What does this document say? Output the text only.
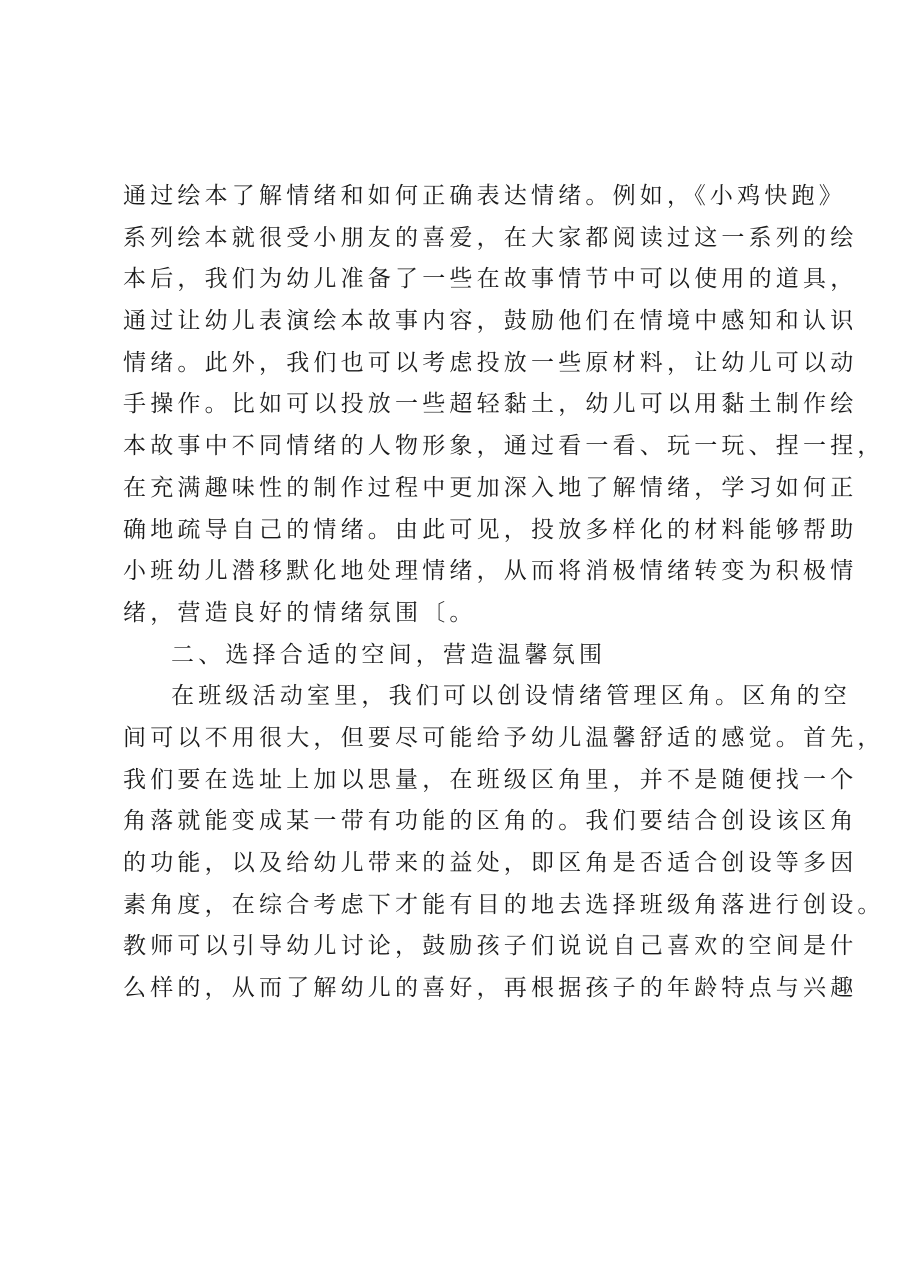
通过绘本了解情绪和如何正确表达情绪。例如，《小鸡快跑》
系列绘本就很受小朋友的喜爱，在大家都阅读过这一系列的绘
本后，我们为幼儿准备了一些在故事情节中可以使用的道具，
通过让幼儿表演绘本故事内容，鼓励他们在情境中感知和认识
情绪。此外，我们也可以考虑投放一些原材料，让幼儿可以动
手操作。比如可以投放一些超轻黏土，幼儿可以用黏土制作绘
本故事中不同情绪的人物形象，通过看一看、玩一玩、捏一捏，
在充满趣味性的制作过程中更加深入地了解情绪，学习如何正
确地疏导自己的情绪。由此可见，投放多样化的材料能够帮助
小班幼儿潜移默化地处理情绪，从而将消极情绪转变为积极情
绪，营造良好的情绪氛围〔。
二、选择合适的空间，营造温馨氛围
在班级活动室里，我们可以创设情绪管理区角。区角的空
间可以不用很大，但要尽可能给予幼儿温馨舒适的感觉。首先，
我们要在选址上加以思量，在班级区角里，并不是随便找一个
角落就能变成某一带有功能的区角的。我们要结合创设该区角
的功能，以及给幼儿带来的益处，即区角是否适合创设等多因
素角度，在综合考虑下才能有目的地去选择班级角落进行创设。
教师可以引导幼儿讨论，鼓励孩子们说说自己喜欢的空间是什
么样的，从而了解幼儿的喜好，再根据孩子的年龄特点与兴趣
